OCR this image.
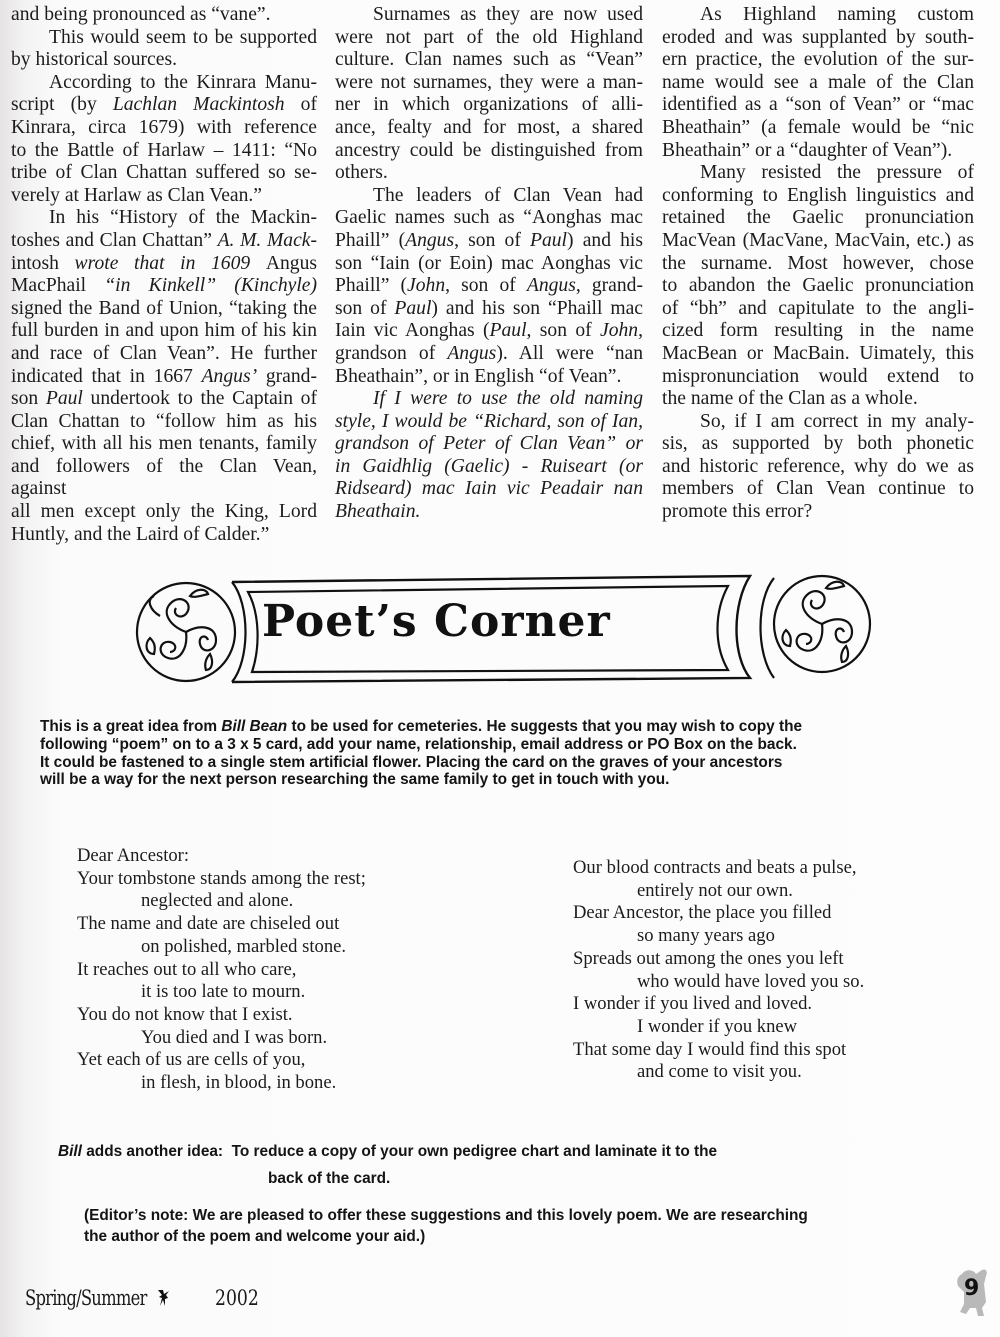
and being pronounced as “vane”.

This would seem to be supported
by historical sources.

According to the Kinrara Manu-
script (by Lachlan Mackintosh of
Kinrara, circa 1679) with reference
to the Battle of Harlaw – 1411: “No
tribe of Clan Chattan suffered so se-
verely at Harlaw as Clan Vean.”

In his “History of the Mackin-
toshes and Clan Chattan” A. M. Mack-
intosh wrote that in 1609 Angus
MacPhail “in Kinkell” (Kinchyle)
signed the Band of Union, “taking the
full burden in and upon him of his kin
and race of Clan Vean”. He further
indicated that in 1667 Angus’ grand-
son Paul undertook to the Captain of
Clan Chattan to “follow him as his
chief, with all his men tenants, family
and followers of the Clan Vean, against
all men except only the King, Lord
Huntly, and the Laird of Calder.”

Surnames as they are now used
were not part of the old Highland
culture. Clan names such as “Vean”
were not surnames, they were a man-
ner in which organizations of alli-
ance, fealty and for most, a shared
ancestry could be distinguished from
others.

The leaders of Clan Vean had
Gaelic names such as “Aonghas mac
Phaill” (Angus, son of Paul) and his
son “Iain (or Eoin) mac Aonghas vic
Phaill” (John, son of Angus, grand-
son of Paul) and his son “Phaill mac
Iain vic Aonghas (Paul, son of John,
grandson of Angus). All were “nan
Bheathain”, or in English “of Vean”.

If I were to use the old naming
style, I would be “Richard, son of Ian,
grandson of Peter of Clan Vean” or
in Gaidhlig (Gaelic) - Ruiseart (or
Ridseard) mac Iain vic Peadair nan
Bheathain.

As Highland naming custom
eroded and was supplanted by south-
ern practice, the evolution of the sur-
name would see a male of the Clan
identified as a “son of Vean” or “mac
Bheathain” (a female would be “nic
Bheathain” or a “daughter of Vean”).

Many resisted the pressure of
conforming to English linguistics and
retained the Gaelic pronunciation
MacVean (MacVane, MacVain, etc.) as
the surname. Most however, chose
to abandon the Gaelic pronunciation
of “bh” and capitulate to the angli-
cized form resulting in the name
MacBean or MacBain. Uimately, this
mispronunciation would extend to
the name of the Clan as a whole.

So, if I am correct in my analy-
sis, as supported by both phonetic
and historic reference, why do we as
members of Clan Vean continue to
promote this error?

Poet’s Corner
This is a great idea from Bill Bean to be used for cemeteries. He suggests that you may wish to copy the
following “poem” on to a 3 x 5 card, add your name, relationship, email address or PO Box on the back.
It could be fastened to a single stem artificial flower. Placing the card on the graves of your ancestors
will be a way for the next person researching the same family to get in touch with you.
Dear Ancestor:
Your tombstone stands among the rest;
neglected and alone.
The name and date are chiseled out
on polished, marbled stone.
It reaches out to all who care,
it is too late to mourn.
You do not know that I exist.
You died and I was born.
Yet each of us are cells of you,
in flesh, in blood, in bone.
Our blood contracts and beats a pulse,
entirely not our own.
Dear Ancestor, the place you filled
so many years ago
Spreads out among the ones you left
who would have loved you so.
I wonder if you lived and loved.
I wonder if you knew
That some day I would find this spot
and come to visit you.
Bill adds another idea:  To reduce a copy of your own pedigree chart and laminate it to the
back of the card.
(Editor’s note: We are pleased to offer these suggestions and this lovely poem. We are researching
the author of the poem and welcome your aid.)
Spring/Summer	2002	9
